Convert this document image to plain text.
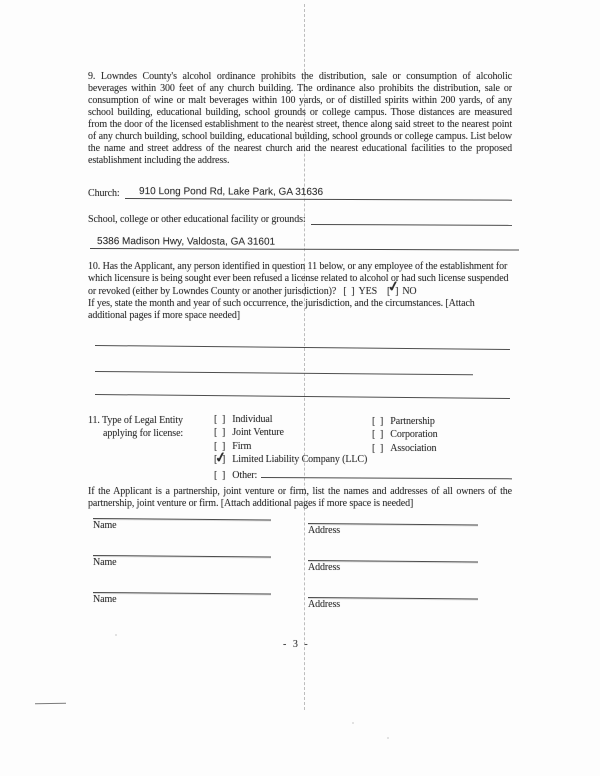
9. Lowndes County's alcohol ordinance prohibits the distribution, sale or consumption of alcoholic beverages within 300 feet of any church building. The ordinance also prohibits the distribution, sale or consumption of wine or malt beverages within 100 yards, or of distilled spirits within 200 yards, of any school building, educational building, school grounds or college campus. Those distances are measured from the door of the licensed establishment to the nearest street, thence along said street to the nearest point of any church building, school building, educational building, school grounds or college campus. List below the name and street address of the nearest church and the nearest educational facilities to the proposed establishment including the address.
Church:	910 Long Pond Rd, Lake Park, GA 31636
School, college or other educational facility or grounds:
5386 Madison Hwy, Valdosta, GA 31601
10. Has the Applicant, any person identified in question 11 below, or any employee of the establishment for which licensure is being sought ever been refused a license related to alcohol or had such license suspended or revoked (either by Lowndes County or another jurisdiction)? [  ] YES [  ] ✓	NO
If yes, state the month and year of such occurrence, the jurisdiction, and the circumstances. [Attach additional pages if more space needed]
11. Type of Legal Entity
applying for license:
[  ]
Individual
[  ]
Joint Venture
[  ]
Firm
[  ]
✓
Limited Liability Company (LLC)
[  ]
Other:
[  ]
Partnership
[  ]
Corporation
[  ]
Association
If the Applicant is a partnership, joint venture or firm, list the names and addresses of all owners of the partnership, joint venture or firm. [Attach additional pages if more space is needed]
Name	Address
Name	Address
Name	Address
- 3 -
